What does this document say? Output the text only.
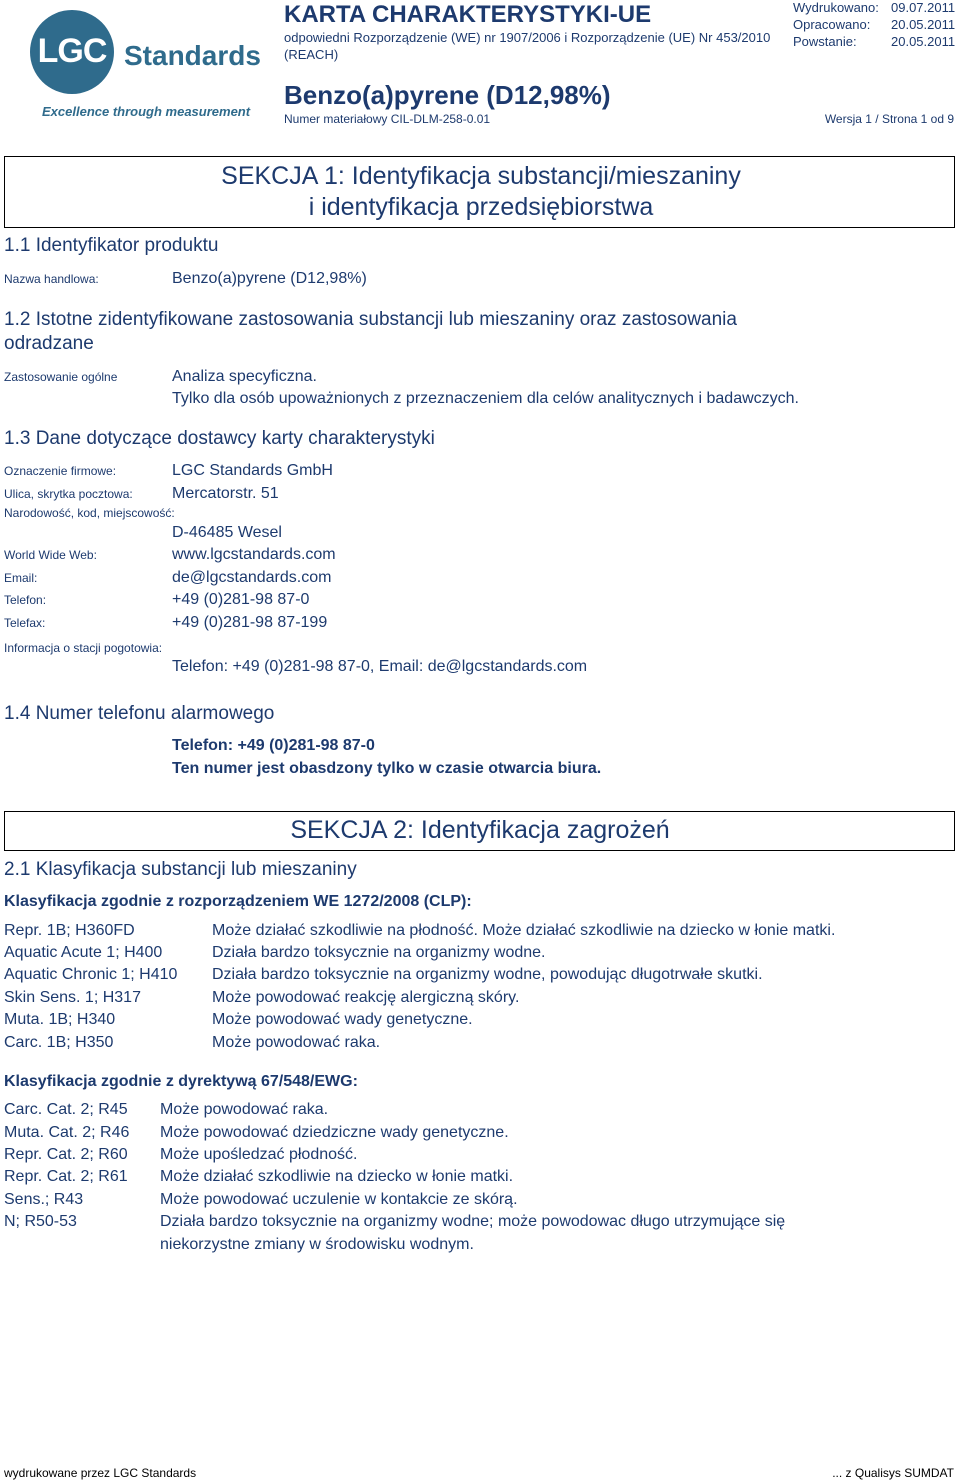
LGC Standards
Excellence through measurement
KARTA CHARAKTERYSTYKI-UE
odpowiedni Rozporządzenie (WE) nr 1907/2006 i Rozporządzenie (UE) Nr 453/2010
(REACH)
Benzo(a)pyrene (D12,98%)
Numer materiałowy CIL-DLM-258-0.01	Wersja 1 / Strona 1 od 9
Wydrukowano: 09.07.2011
Opracowano: 20.05.2011
Powstanie:	20.05.2011
SEKCJA 1: Identyfikacja substancji/mieszaniny
i identyfikacja przedsiębiorstwa
1.1 Identyfikator produktu
Nazwa handlowa:	Benzo(a)pyrene (D12,98%)
1.2 Istotne zidentyfikowane zastosowania substancji lub mieszaniny oraz zastosowania
odradzane
Zastosowanie ogólne	Analiza specyficzna.
Tylko dla osób upoważnionych z przeznaczeniem dla celów analitycznych i badawczych.
1.3 Dane dotyczące dostawcy karty charakterystyki
Oznaczenie firmowe:	LGC Standards GmbH
Ulica, skrytka pocztowa: Mercatorstr. 51
Narodowość, kod, miejscowość:
D-46485 Wesel
World Wide Web:	www.lgcstandards.com
Email:	de@lgcstandards.com
Telefon:	+49 (0)281-98 87-0
Telefax:	+49 (0)281-98 87-199
Informacja o stacji pogotowia:
Telefon: +49 (0)281-98 87-0, Email: de@lgcstandards.com
1.4 Numer telefonu alarmowego
Telefon: +49 (0)281-98 87-0
Ten numer jest obasdzony tylko w czasie otwarcia biura.
SEKCJA 2: Identyfikacja zagrożeń
2.1 Klasyfikacja substancji lub mieszaniny
Klasyfikacja zgodnie z rozporządzeniem WE 1272/2008 (CLP):
Repr. 1B; H360FD	Może działać szkodliwie na płodność. Może działać szkodliwie na dziecko w łonie matki.
Aquatic Acute 1; H400	Działa bardzo toksycznie na organizmy wodne.
Aquatic Chronic 1; H410 Działa bardzo toksycznie na organizmy wodne, powodując długotrwałe skutki.
Skin Sens. 1; H317	Może powodować reakcję alergiczną skóry.
Muta. 1B; H340	Może powodować wady genetyczne.
Carc. 1B; H350	Może powodować raka.
Klasyfikacja zgodnie z dyrektywą 67/548/EWG:
Carc. Cat. 2; R45 Może powodować raka.
Muta. Cat. 2; R46 Może powodować dziedziczne wady genetyczne.
Repr. Cat. 2; R60 Może upośledzać płodność.
Repr. Cat. 2; R61 Może działać szkodliwie na dziecko w łonie matki.
Sens.; R43	Może powodować uczulenie w kontakcie ze skórą.
N; R50-53	Działa bardzo toksycznie na organizmy wodne; może powodowac długo utrzymujące się
niekorzystne zmiany w środowisku wodnym.
wydrukowane przez LGC Standards	... z Qualisys SUMDAT
